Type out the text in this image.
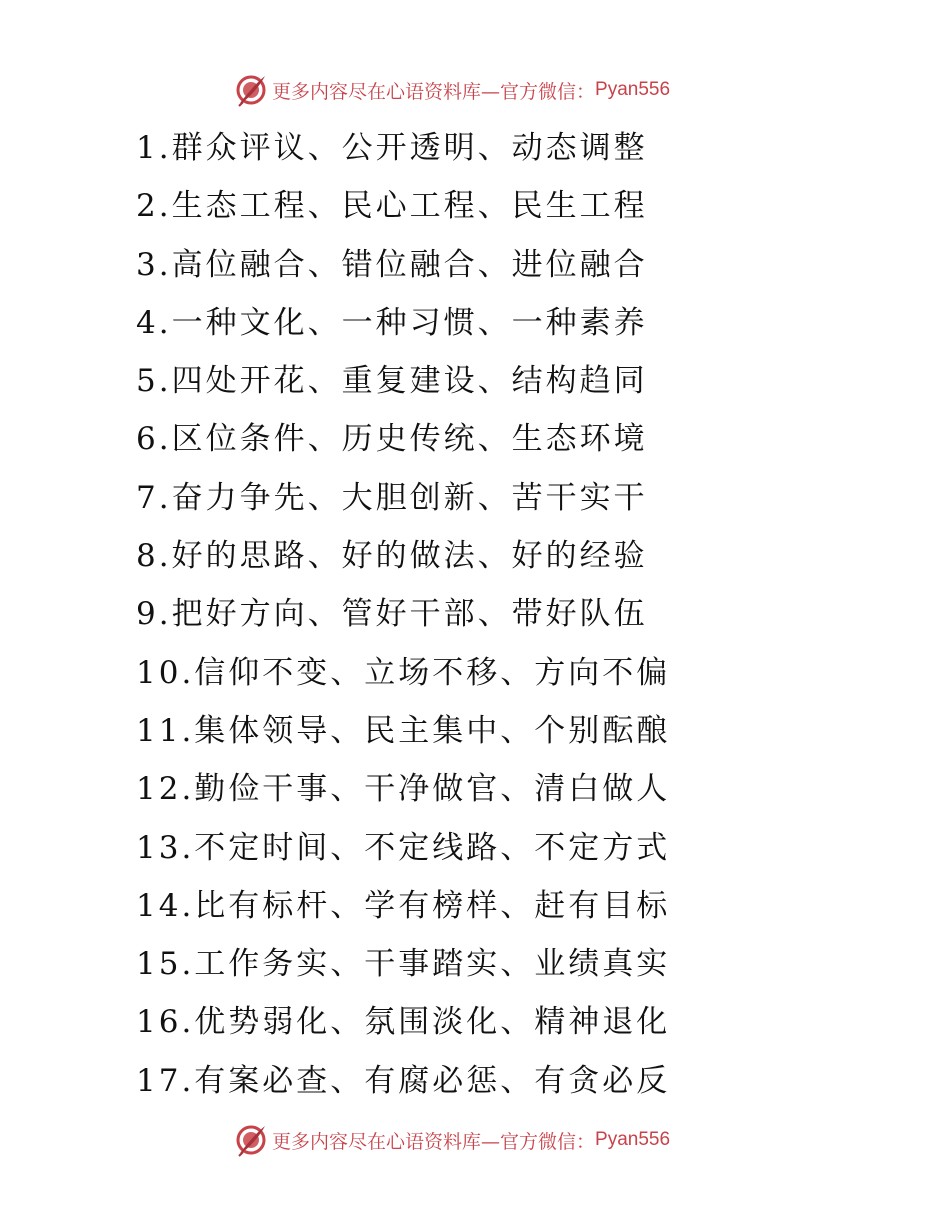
更多内容尽在心语资料库—官方微信： Pyan556
1.群众评议、公开透明、动态调整
2.生态工程、民心工程、民生工程
3.高位融合、错位融合、进位融合
4.一种文化、一种习惯、一种素养
5.四处开花、重复建设、结构趋同
6.区位条件、历史传统、生态环境
7.奋力争先、大胆创新、苦干实干
8.好的思路、好的做法、好的经验
9.把好方向、管好干部、带好队伍
10.信仰不变、立场不移、方向不偏
11.集体领导、民主集中、个别酝酿
12.勤俭干事、干净做官、清白做人
13.不定时间、不定线路、不定方式
14.比有标杆、学有榜样、赶有目标
15.工作务实、干事踏实、业绩真实
16.优势弱化、氛围淡化、精神退化
17.有案必查、有腐必惩、有贪必反
更多内容尽在心语资料库—官方微信： Pyan556
